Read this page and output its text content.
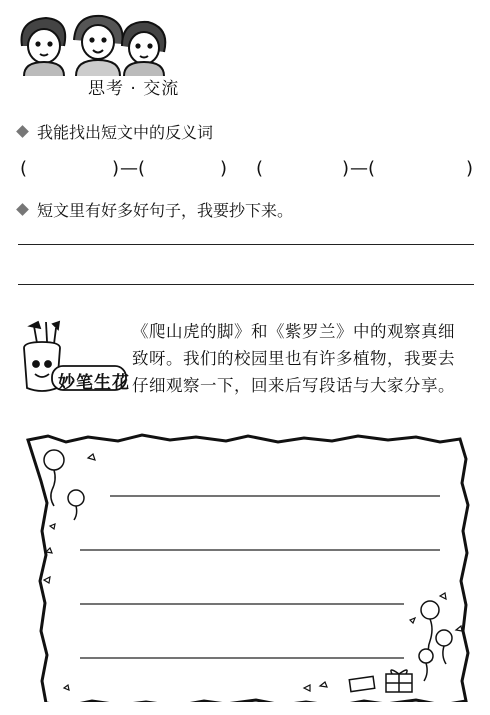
思考 · 交流
我能找出短文中的反义词
(	) — (	) (	) — (	)
短文里有好多好句子，我要抄下来。
妙笔生花
《爬山虎的脚》和《紫罗兰》中的观察真细
致呀。我们的校园里也有许多植物，我要去
仔细观察一下，回来后写段话与大家分享。
